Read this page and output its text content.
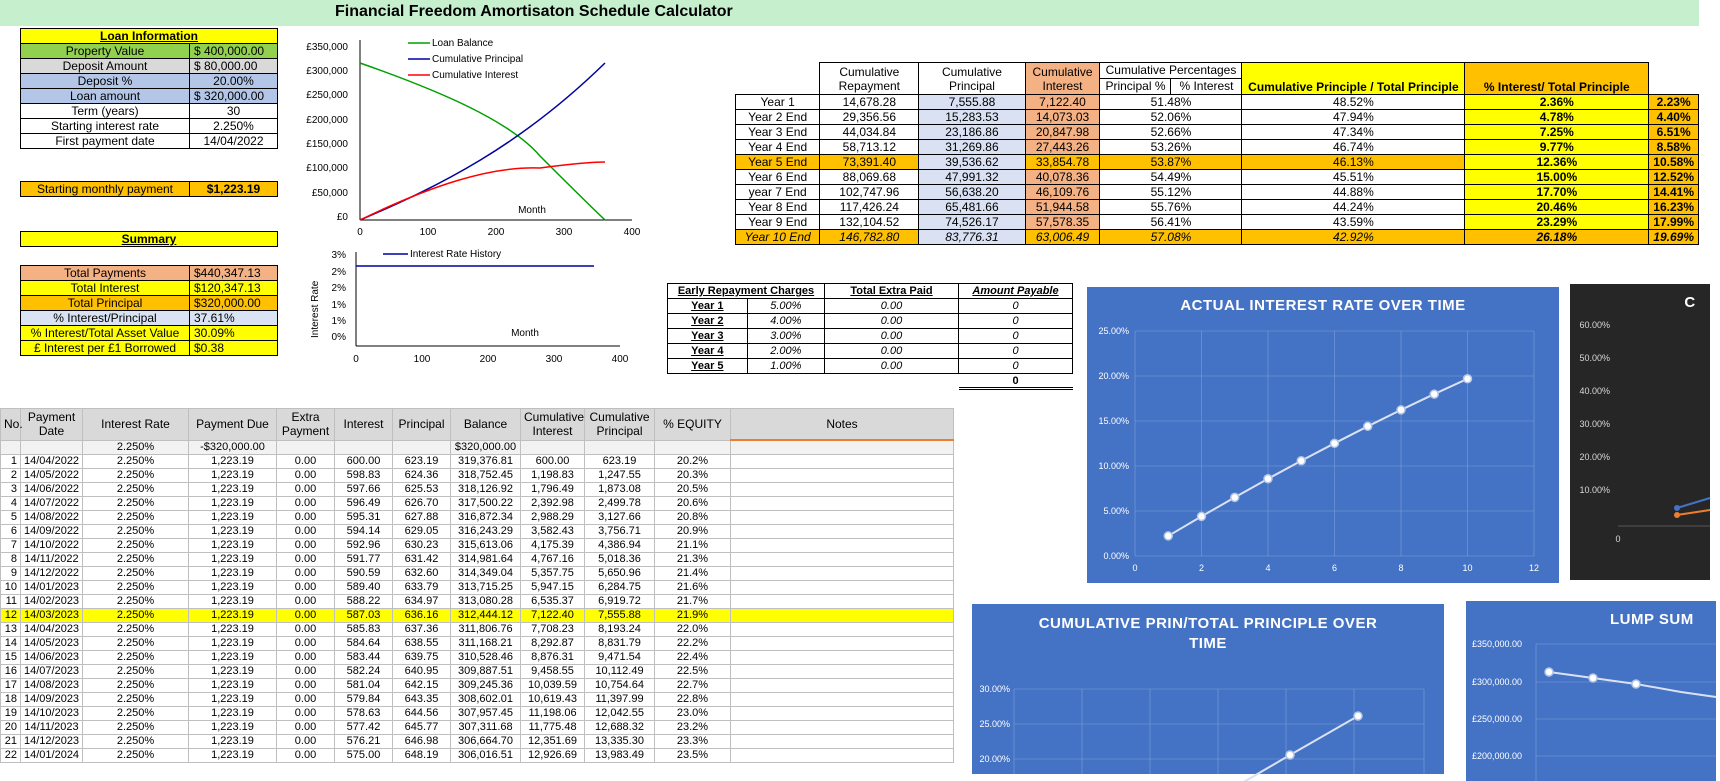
Financial Freedom Amortisaton Schedule Calculator
Loan Information	
Property Value	$ 400,000.00
Deposit Amount	$ 80,000.00
Deposit %	20.00%
Loan amount	$ 320,000.00
Term (years)	30
Starting interest rate	2.250%
First payment date	14/04/2022
Starting monthly payment	$1,223.19
Summary
Total Payments	$440,347.13
Total Interest	$120,347.13
Total Principal	$320,000.00
% Interest/Principal	37.61%
% Interest/Total Asset Value	30.09%
£ Interest per £1 Borrowed	$0.38
£350,000
£300,000
£250,000
£200,000
£150,000
£100,000
£50,000
£0
0	100	200	300	400
Month
Loan Balance
Cumulative Principal
Cumulative Interest
3%
2%
2%
1%
1%
0%
0	100	200	300	400
Month
Interest Rate
Interest Rate History
	Cumulative Repayment	Cumulative Principal	Cumulative Interest	Cumulative Percentages
Principal % % Interest	Cumulative Principle / Total Principle	% Interest/ Total Principle	
Year 1	14,678.28	7,555.88	7,122.40	51.48%	48.52%	2.36%	2.23%
Year 2 End	29,356.56	15,283.53	14,073.03	52.06%	47.94%	4.78%	4.40%
Year 3 End	44,034.84	23,186.86	20,847.98	52.66%	47.34%	7.25%	6.51%
Year 4 End	58,713.12	31,269.86	27,443.26	53.26%	46.74%	9.77%	8.58%
Year 5 End	73,391.40	39,536.62	33,854.78	53.87%	46.13%	12.36%	10.58%
Year 6 End	88,069.68	47,991.32	40,078.36	54.49%	45.51%	15.00%	12.52%
year 7 End	102,747.96	56,638.20	46,109.76	55.12%	44.88%	17.70%	14.41%
Year 8 End	117,426.24	65,481.66	51,944.58	55.76%	44.24%	20.46%	16.23%
Year 9 End	132,104.52	74,526.17	57,578.35	56.41%	43.59%	23.29%	17.99%
Year 10 End	146,782.80	83,776.31	63,006.49	57.08%	42.92%	26.18%	19.69%
Early Repayment Charges		Total Extra Paid	Amount Payable
Year 1	5.00%	0.00	0
Year 2	4.00%	0.00	0
Year 3	3.00%	0.00	0
Year 4	2.00%	0.00	0
Year 5	1.00%	0.00	0
			0
ACTUAL INTEREST RATE OVER TIME
25.00%
20.00%
15.00%
10.00%
5.00%
0.00%
0	2	4	6	8	10	12
C
60.00%
50.00%
40.00%
30.00%
20.00%
10.00%
0
CUMULATIVE PRIN/TOTAL PRINCIPLE OVER
TIME
30.00%
25.00%
20.00%
LUMP SUM
£350,000.00
£300,000.00
£250,000.00
£200,000.00
No.	Payment Date	Interest Rate	Payment Due	Extra Payment	Interest	Principal	Balance	Cumulative Interest	Cumulative Principal	% EQUITY	Notes
		2.250%	-$320,000.00				$320,000.00				
1	14/04/2022	2.250%	1,223.19	0.00	600.00	623.19	319,376.81	600.00	623.19	20.2%	
2	14/05/2022	2.250%	1,223.19	0.00	598.83	624.36	318,752.45	1,198.83	1,247.55	20.3%	
3	14/06/2022	2.250%	1,223.19	0.00	597.66	625.53	318,126.92	1,796.49	1,873.08	20.5%	
4	14/07/2022	2.250%	1,223.19	0.00	596.49	626.70	317,500.22	2,392.98	2,499.78	20.6%	
5	14/08/2022	2.250%	1,223.19	0.00	595.31	627.88	316,872.34	2,988.29	3,127.66	20.8%	
6	14/09/2022	2.250%	1,223.19	0.00	594.14	629.05	316,243.29	3,582.43	3,756.71	20.9%	
7	14/10/2022	2.250%	1,223.19	0.00	592.96	630.23	315,613.06	4,175.39	4,386.94	21.1%	
8	14/11/2022	2.250%	1,223.19	0.00	591.77	631.42	314,981.64	4,767.16	5,018.36	21.3%	
9	14/12/2022	2.250%	1,223.19	0.00	590.59	632.60	314,349.04	5,357.75	5,650.96	21.4%	
10	14/01/2023	2.250%	1,223.19	0.00	589.40	633.79	313,715.25	5,947.15	6,284.75	21.6%	
11	14/02/2023	2.250%	1,223.19	0.00	588.22	634.97	313,080.28	6,535.37	6,919.72	21.7%	
12	14/03/2023	2.250%	1,223.19	0.00	587.03	636.16	312,444.12	7,122.40	7,555.88	21.9%	
13	14/04/2023	2.250%	1,223.19	0.00	585.83	637.36	311,806.76	7,708.23	8,193.24	22.0%	
14	14/05/2023	2.250%	1,223.19	0.00	584.64	638.55	311,168.21	8,292.87	8,831.79	22.2%	
15	14/06/2023	2.250%	1,223.19	0.00	583.44	639.75	310,528.46	8,876.31	9,471.54	22.4%	
16	14/07/2023	2.250%	1,223.19	0.00	582.24	640.95	309,887.51	9,458.55	10,112.49	22.5%	
17	14/08/2023	2.250%	1,223.19	0.00	581.04	642.15	309,245.36	10,039.59	10,754.64	22.7%	
18	14/09/2023	2.250%	1,223.19	0.00	579.84	643.35	308,602.01	10,619.43	11,397.99	22.8%	
19	14/10/2023	2.250%	1,223.19	0.00	578.63	644.56	307,957.45	11,198.06	12,042.55	23.0%	
20	14/11/2023	2.250%	1,223.19	0.00	577.42	645.77	307,311.68	11,775.48	12,688.32	23.2%	
21	14/12/2023	2.250%	1,223.19	0.00	576.21	646.98	306,664.70	12,351.69	13,335.30	23.3%	
22	14/01/2024	2.250%	1,223.19	0.00	575.00	648.19	306,016.51	12,926.69	13,983.49	23.5%	
